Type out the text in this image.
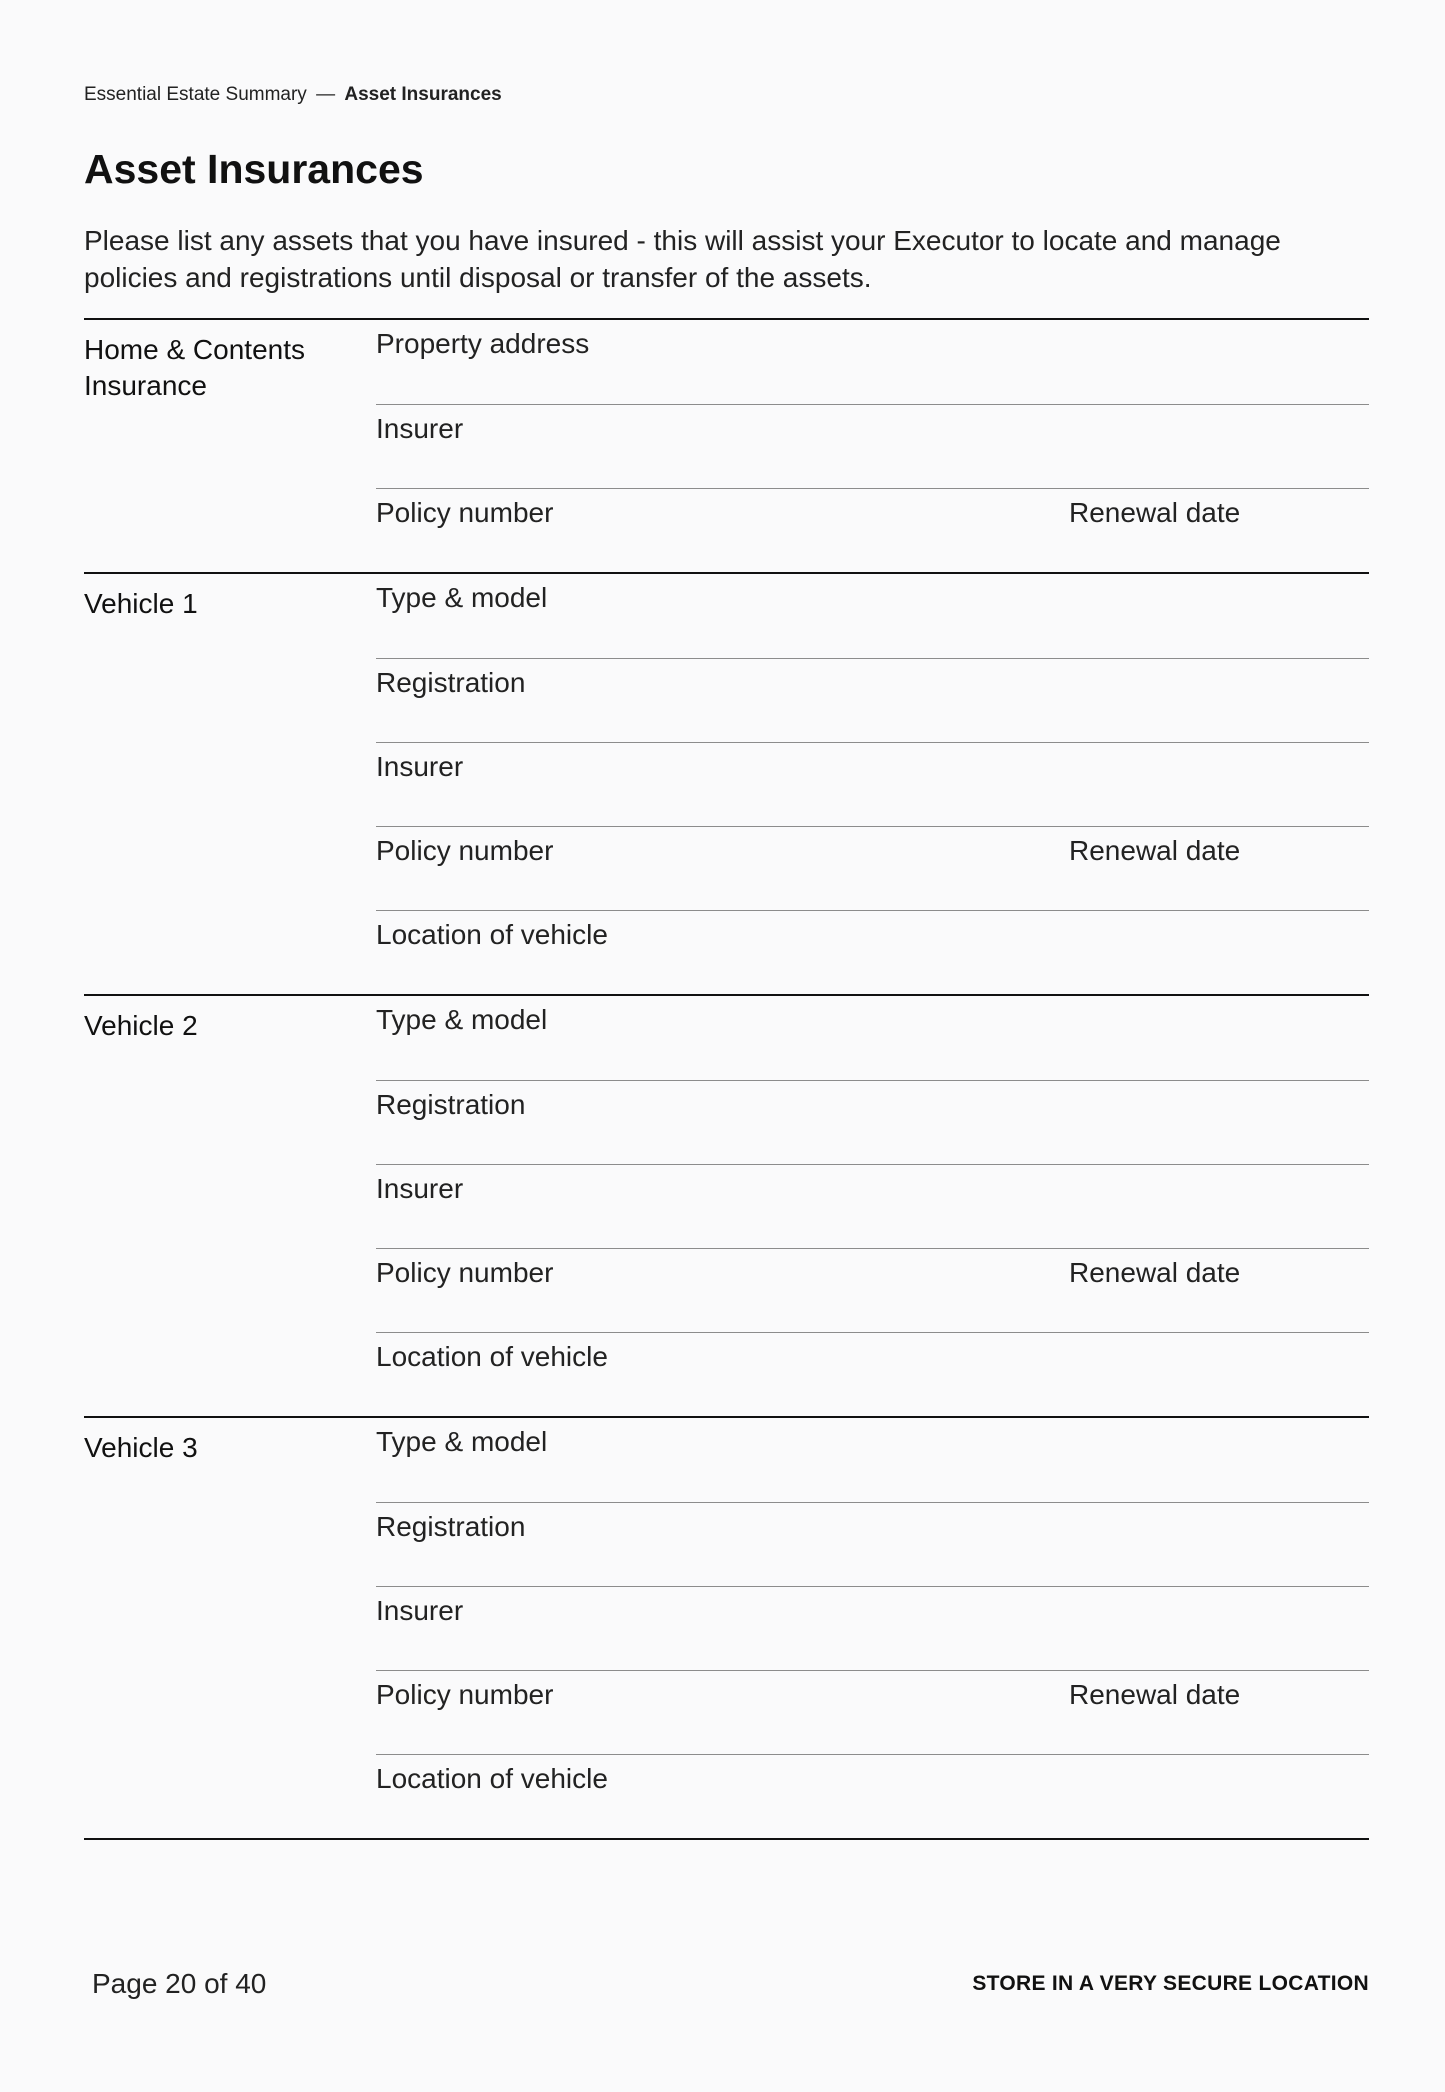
Essential Estate Summary — Asset Insurances
Asset Insurances

Please list any assets that you have insured - this will assist your Executor to locate and manage policies and registrations until disposal or transfer of the assets.

Home & Contents Insurance
Property address
Insurer
Policy number	Renewal date
Vehicle 1	Type & model
Registration
Insurer
Policy number	Renewal date
Location of vehicle
Vehicle 2	Type & model
Registration
Insurer
Policy number	Renewal date
Location of vehicle
Vehicle 3	Type & model
Registration
Insurer
Policy number	Renewal date
Location of vehicle
Page 20 of 40	STORE IN A VERY SECURE LOCATION
